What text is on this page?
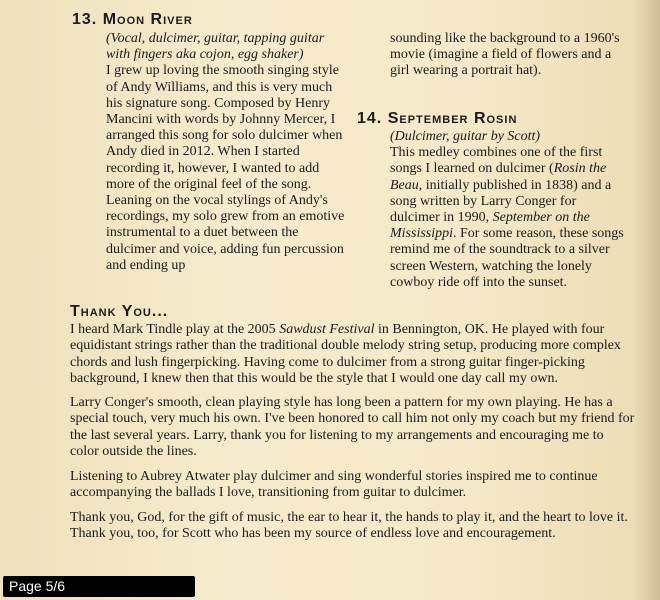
13. Moon River

(Vocal, dulcimer, guitar, tapping guitar with fingers aka cojon, egg shaker)
I grew up loving the smooth singing style of Andy Williams, and this is very much his signature song. Composed by Henry Mancini with words by Johnny Mercer, I arranged this song for solo dulcimer when Andy died in 2012. When I started recording it, however, I wanted to add more of the original feel of the song. Leaning on the vocal stylings of Andy's recordings, my solo grew from an emotive instrumental to a duet between the dulcimer and voice, adding fun percussion and ending up

sounding like the background to a 1960's movie (imagine a field of flowers and a girl wearing a portrait hat).

14. September Rosin

(Dulcimer, guitar by Scott)
This medley combines one of the first songs I learned on dulcimer (Rosin the Beau, initially published in 1838) and a song written by Larry Conger for dulcimer in 1990, September on the Mississippi. For some reason, these songs remind me of the soundtrack to a silver screen Western, watching the lonely cowboy ride off into the sunset.

Thank You...

I heard Mark Tindle play at the 2005 Sawdust Festival in Bennington, OK. He played with four equidistant strings rather than the traditional double melody string setup, producing more complex chords and lush fingerpicking. Having come to dulcimer from a strong guitar finger-picking background, I knew then that this would be the style that I would one day call my own.

Larry Conger's smooth, clean playing style has long been a pattern for my own playing. He has a special touch, very much his own. I've been honored to call him not only my coach but my friend for the last several years. Larry, thank you for listening to my arrangements and encouraging me to color outside the lines.

Listening to Aubrey Atwater play dulcimer and sing wonderful stories inspired me to continue accompanying the ballads I love, transitioning from guitar to dulcimer.

Thank you, God, for the gift of music, the ear to hear it, the hands to play it, and the heart to love it. Thank you, too, for Scott who has been my source of endless love and encouragement.

Page 5/6
